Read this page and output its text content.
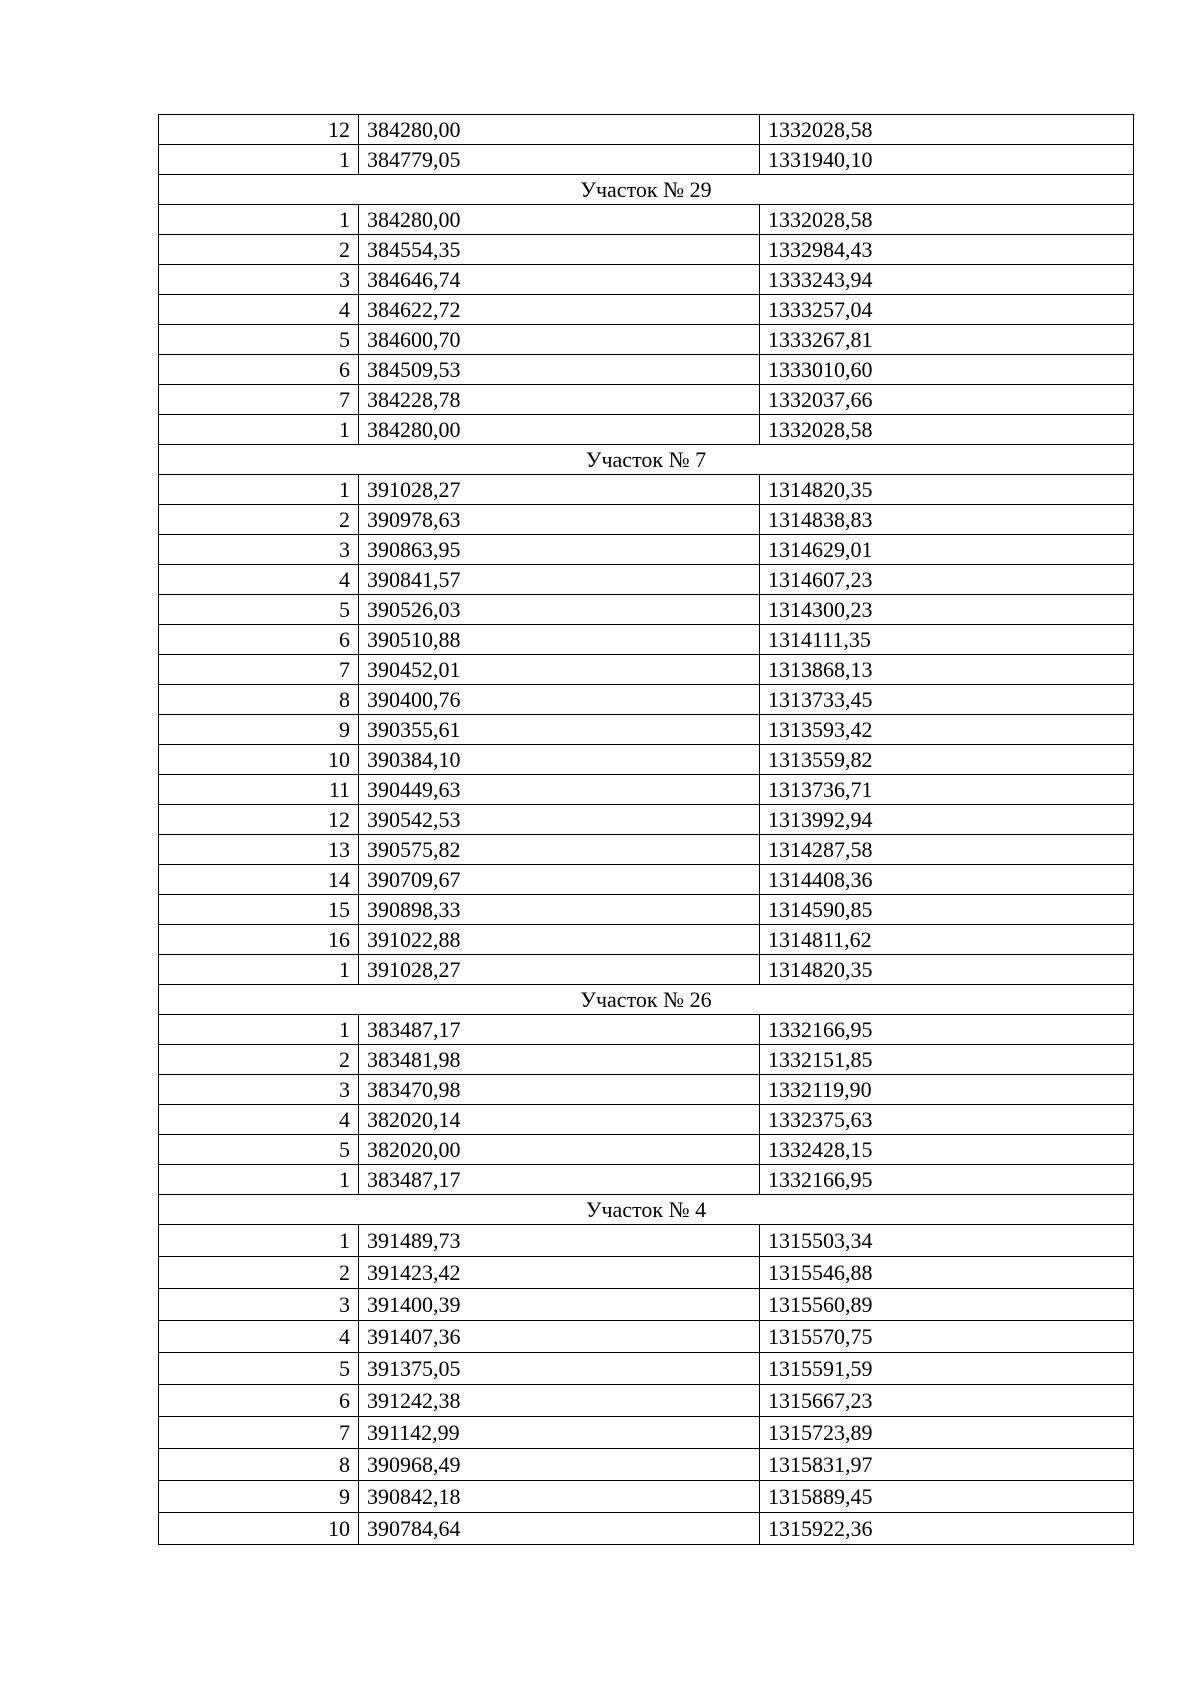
12	384280,00	1332028,58
1	384779,05	1331940,10
Участок № 29		
1	384280,00	1332028,58
2	384554,35	1332984,43
3	384646,74	1333243,94
4	384622,72	1333257,04
5	384600,70	1333267,81
6	384509,53	1333010,60
7	384228,78	1332037,66
1	384280,00	1332028,58
Участок № 7		
1	391028,27	1314820,35
2	390978,63	1314838,83
3	390863,95	1314629,01
4	390841,57	1314607,23
5	390526,03	1314300,23
6	390510,88	1314111,35
7	390452,01	1313868,13
8	390400,76	1313733,45
9	390355,61	1313593,42
10	390384,10	1313559,82
11	390449,63	1313736,71
12	390542,53	1313992,94
13	390575,82	1314287,58
14	390709,67	1314408,36
15	390898,33	1314590,85
16	391022,88	1314811,62
1	391028,27	1314820,35
Участок № 26		
1	383487,17	1332166,95
2	383481,98	1332151,85
3	383470,98	1332119,90
4	382020,14	1332375,63
5	382020,00	1332428,15
1	383487,17	1332166,95
Участок № 4		
1	391489,73	1315503,34
2	391423,42	1315546,88
3	391400,39	1315560,89
4	391407,36	1315570,75
5	391375,05	1315591,59
6	391242,38	1315667,23
7	391142,99	1315723,89
8	390968,49	1315831,97
9	390842,18	1315889,45
10	390784,64	1315922,36
